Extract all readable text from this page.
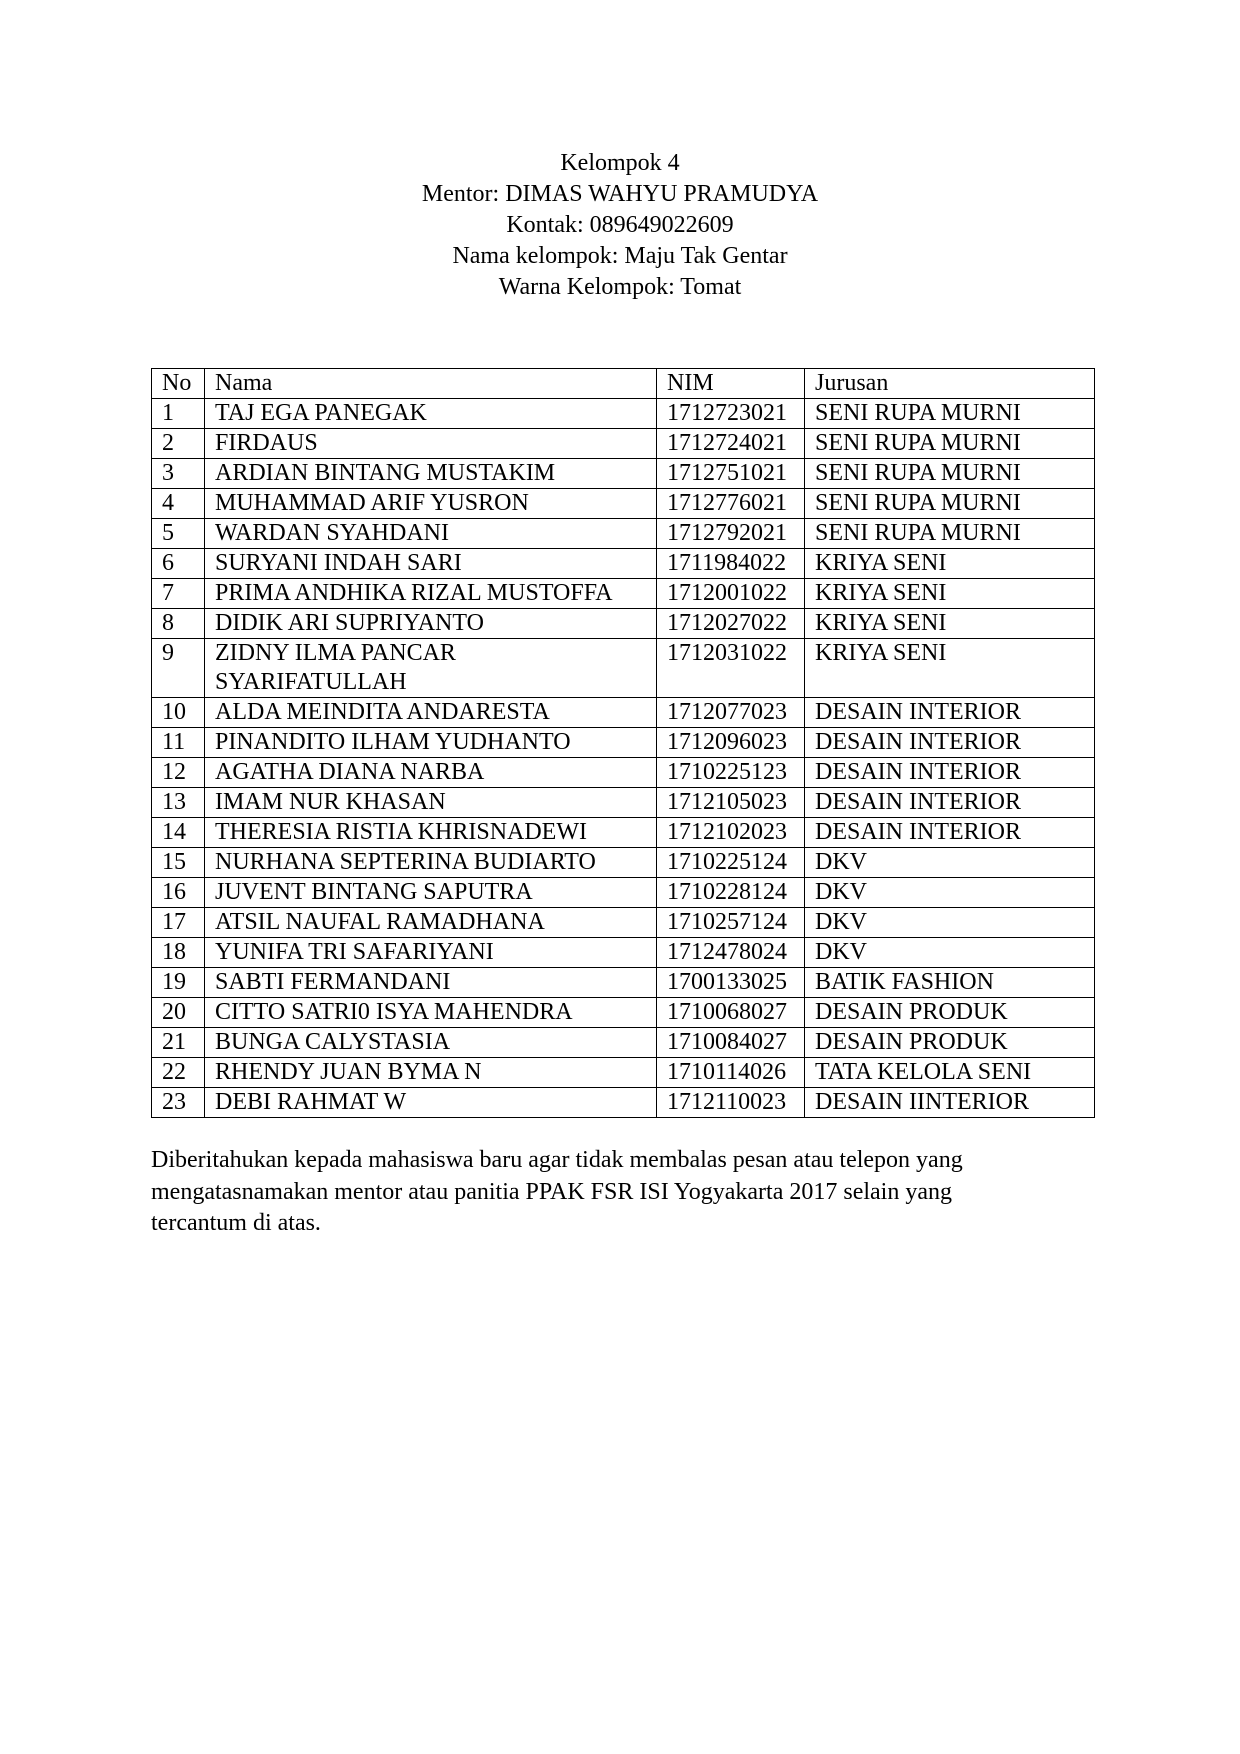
Kelompok 4
Mentor: DIMAS WAHYU PRAMUDYA
Kontak: 089649022609
Nama kelompok: Maju Tak Gentar
Warna Kelompok: Tomat
No	Nama	NIM	Jurusan
1	TAJ EGA PANEGAK	1712723021	SENI RUPA MURNI
2	FIRDAUS	1712724021	SENI RUPA MURNI
3	ARDIAN BINTANG MUSTAKIM	1712751021	SENI RUPA MURNI
4	MUHAMMAD ARIF YUSRON	1712776021	SENI RUPA MURNI
5	WARDAN SYAHDANI	1712792021	SENI RUPA MURNI
6	SURYANI INDAH SARI	1711984022	KRIYA SENI
7	PRIMA ANDHIKA RIZAL MUSTOFFA	1712001022	KRIYA SENI
8	DIDIK ARI SUPRIYANTO	1712027022	KRIYA SENI
9	ZIDNY ILMA PANCAR SYARIFATULLAH	1712031022	KRIYA SENI
10	ALDA MEINDITA ANDARESTA	1712077023	DESAIN INTERIOR
11	PINANDITO ILHAM YUDHANTO	1712096023	DESAIN INTERIOR
12	AGATHA DIANA NARBA	1710225123	DESAIN INTERIOR
13	IMAM NUR KHASAN	1712105023	DESAIN INTERIOR
14	THERESIA RISTIA KHRISNADEWI	1712102023	DESAIN INTERIOR
15	NURHANA SEPTERINA BUDIARTO	1710225124	DKV
16	JUVENT BINTANG SAPUTRA	1710228124	DKV
17	ATSIL NAUFAL RAMADHANA	1710257124	DKV
18	YUNIFA TRI SAFARIYANI	1712478024	DKV
19	SABTI FERMANDANI	1700133025	BATIK FASHION
20	CITTO SATRI0 ISYA MAHENDRA	1710068027	DESAIN PRODUK
21	BUNGA CALYSTASIA	1710084027	DESAIN PRODUK
22	RHENDY JUAN BYMA N	1710114026	TATA KELOLA SENI
23	DEBI RAHMAT W	1712110023	DESAIN IINTERIOR
Diberitahukan kepada mahasiswa baru agar tidak membalas pesan atau telepon yang mengatasnamakan mentor atau panitia PPAK FSR ISI Yogyakarta 2017 selain yang tercantum di atas.
